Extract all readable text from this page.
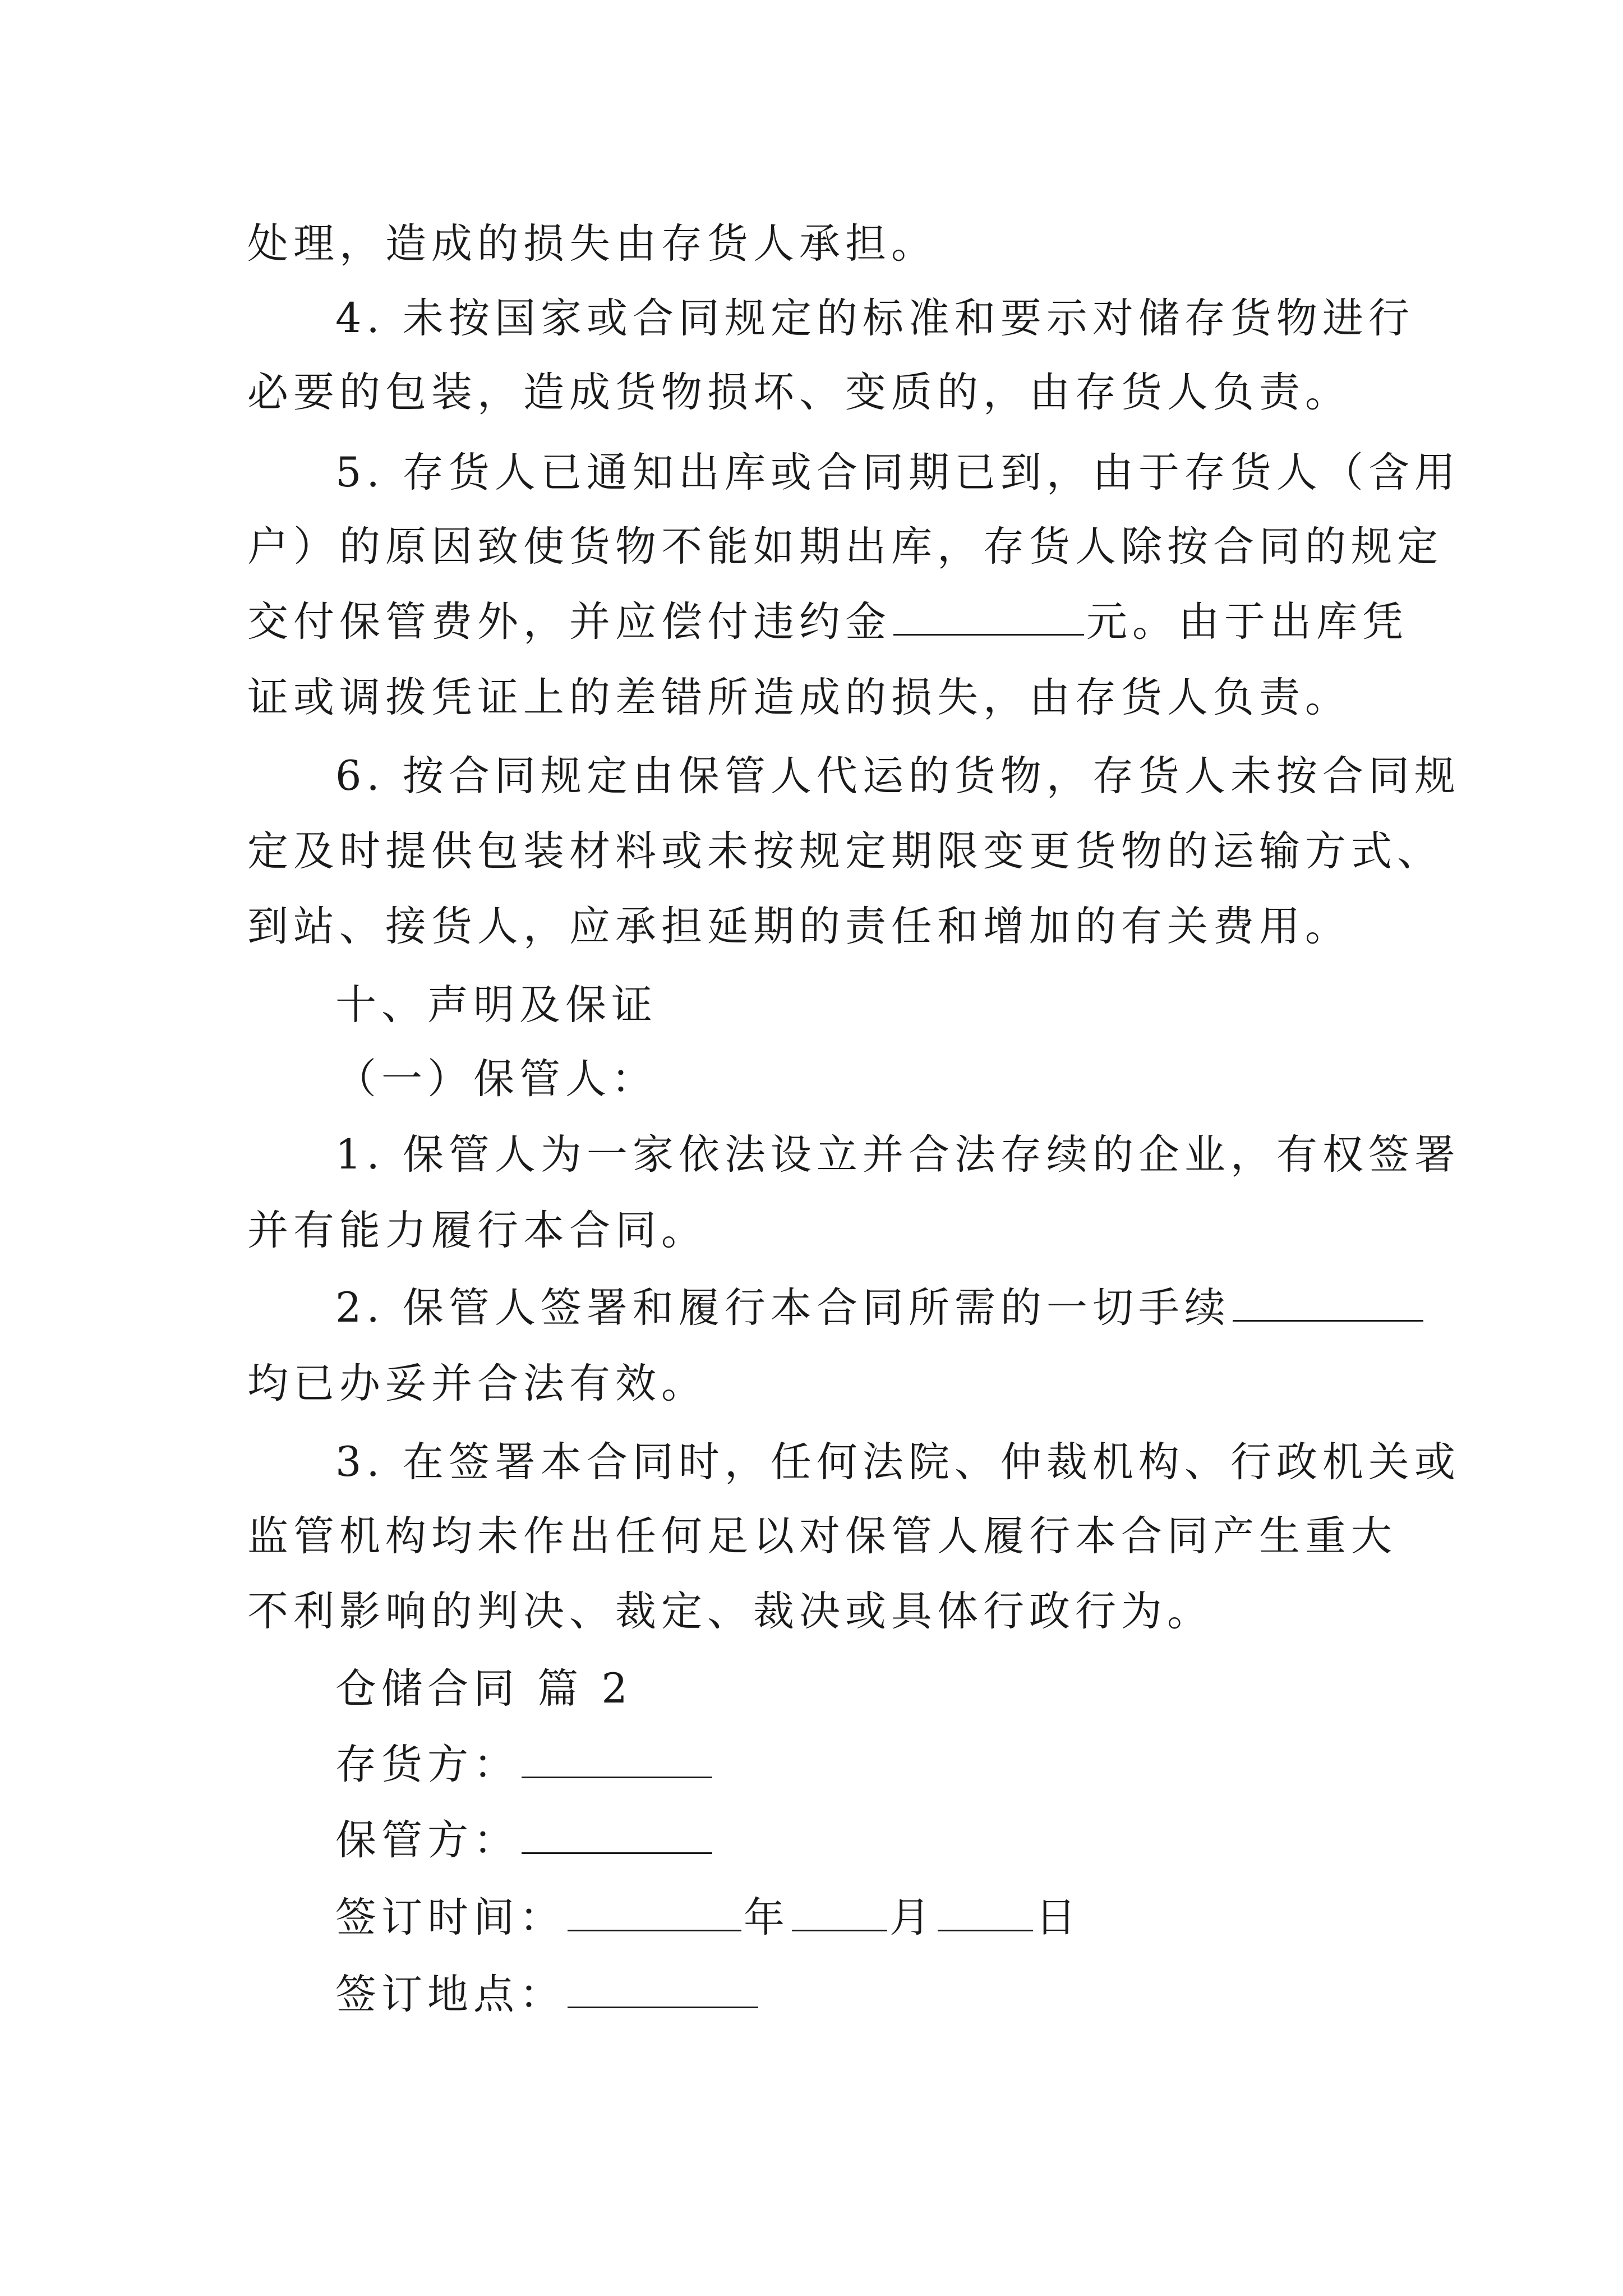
处理，造成的损失由存货人承担。
4. 未按国家或合同规定的标准和要示对储存货物进行
必要的包装，造成货物损坏、变质的，由存货人负责。
5. 存货人已通知出库或合同期已到，由于存货人（含用
户）的原因致使货物不能如期出库，存货人除按合同的规定
交付保管费外，并应偿付违约金	元。由于出库凭
证或调拨凭证上的差错所造成的损失，由存货人负责。
6. 按合同规定由保管人代运的货物，存货人未按合同规
定及时提供包装材料或未按规定期限变更货物的运输方式、
到站、接货人，应承担延期的责任和增加的有关费用。
十、声明及保证
（一）保管人：
1. 保管人为一家依法设立并合法存续的企业，有权签署
并有能力履行本合同。
2. 保管人签署和履行本合同所需的一切手续
均已办妥并合法有效。
3. 在签署本合同时，任何法院、仲裁机构、行政机关或
监管机构均未作出任何足以对保管人履行本合同产生重大
不利影响的判决、裁定、裁决或具体行政行为。
仓储合同 篇 2
存货方：
保管方：
签订时间：	年 月 日
签订地点：
